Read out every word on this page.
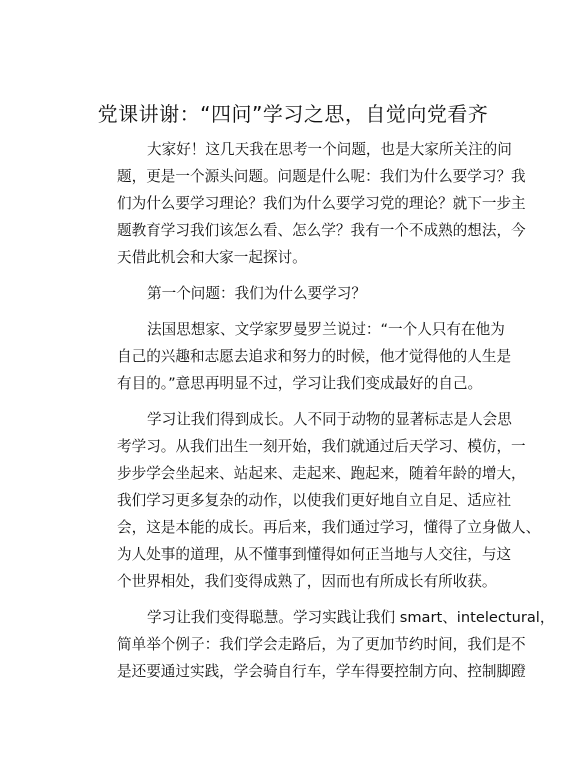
党课讲谢：“四问”学习之思，自觉向党看齐
大家好！这几天我在思考一个问题，也是大家所关注的问
题，更是一个源头问题。问题是什么呢：我们为什么要学习？我
们为什么要学习理论？我们为什么要学习党的理论？就下一步主
题教育学习我们该怎么看、怎么学？我有一个不成熟的想法，今
天借此机会和大家一起探讨。
第一个问题：我们为什么要学习？
法国思想家、文学家罗曼罗兰说过：“一个人只有在他为
自己的兴趣和志愿去追求和努力的时候，他才觉得他的人生是
有目的。”意思再明显不过，学习让我们变成最好的自己。
学习让我们得到成长。人不同于动物的显著标志是人会思
考学习。从我们出生一刻开始，我们就通过后天学习、模仿，一
步步学会坐起来、站起来、走起来、跑起来，随着年龄的增大，
我们学习更多复杂的动作，以使我们更好地自立自足、适应社
会，这是本能的成长。再后来，我们通过学习，懂得了立身做人、
为人处事的道理，从不懂事到懂得如何正当地与人交往，与这
个世界相处，我们变得成熟了，因而也有所成长有所收获。
学习让我们变得聪慧。学习实践让我们 smart、intelectural，
简单举个例子：我们学会走路后，为了更加节约时间，我们是不
是还要通过实践，学会骑自行车，学车得要控制方向、控制脚蹬
